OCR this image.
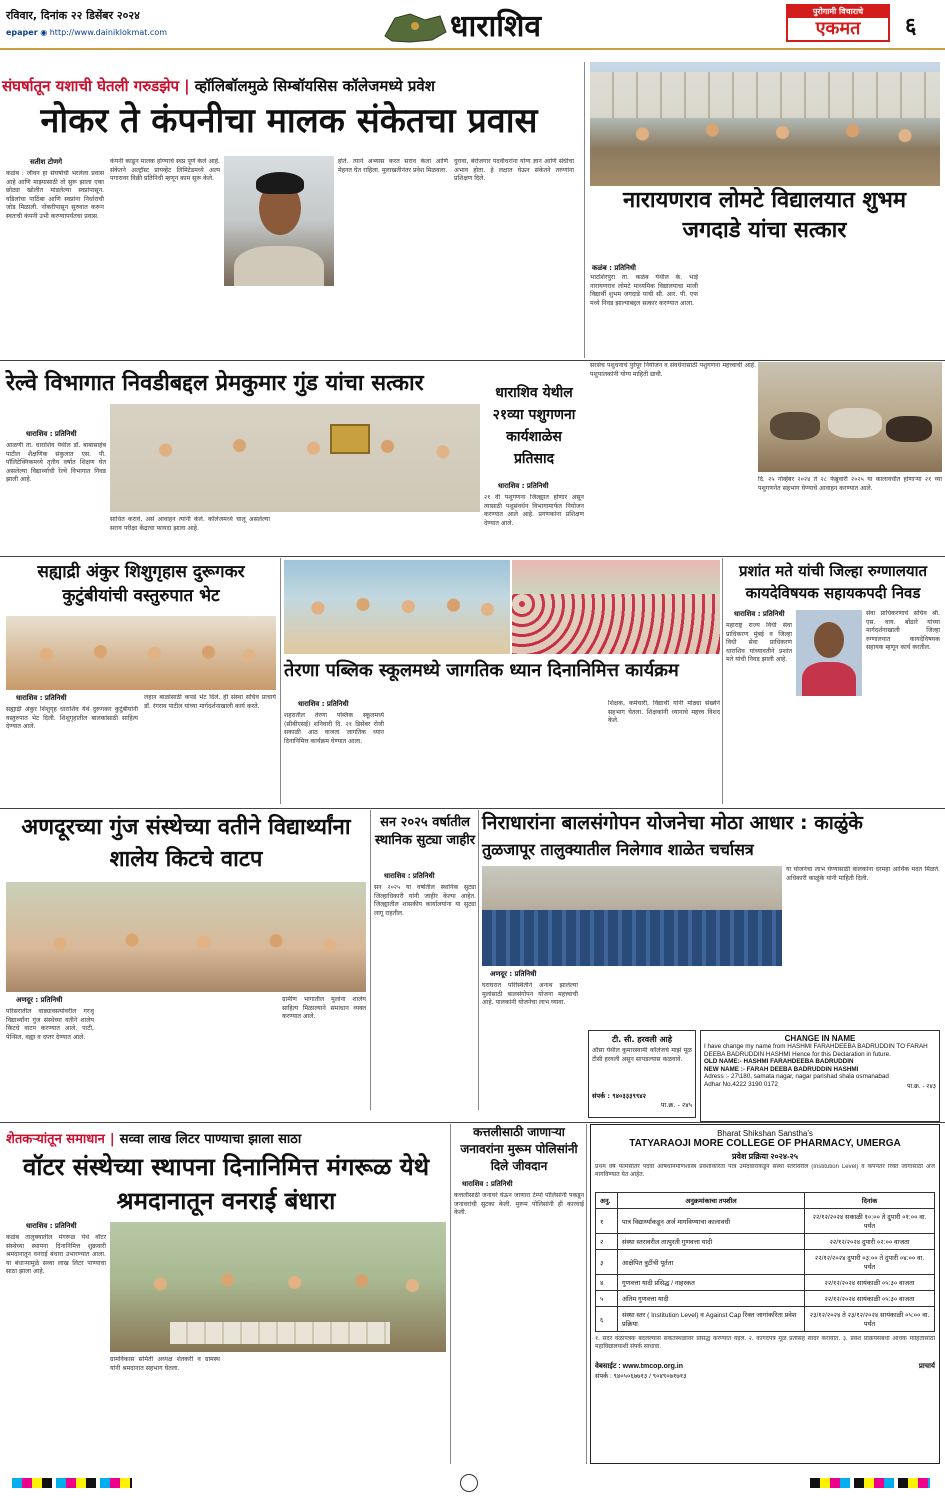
रविवार, दिनांक २२ डिसेंबर २०२४
epaper ◉ http://www.dainiklokmat.com	धाराशिव	पुरोगामी विचाराचे
एकमत	६
संघर्षातून यशाची घेतली गरुडझेप | व्हॉलिबॉलमुळे सिम्बॉयसिस कॉलेजमध्ये प्रवेश
नोकर ते कंपनीचा मालक संकेतचा प्रवास
सतीश टोणगे
कळंब : जीवन हा संघर्षाची भरलेला प्रवास आहे आणि माझ्यासाठी तो सुरू झाला एका छोट्या खोलीत मांडलेल्या स्वप्नांपासून. वडिलांचा पाठिंबा आणि स्वप्नांना निर्धाराची जोड मिळाली. नोकरीपासून सुरुवात करून स्वतःची कंपनी उभी करण्यापर्यंतचा प्रवास.
कंपनी काढून मालक होण्याचे स्वप्न पूर्ण केले आहे. संकेतने अल्ट्रॉस्ट प्रायव्हेट लिमिटेडमध्ये अल्प पगारावर विक्री प्रतिनिधी म्हणून काम सुरू केले.
होते. त्याने अभ्यास करत सराव केला आणि मेहनत घेत राहिला. मुलाखतीनंतर प्रवेश मिळवला.
दुरावा, बेरोजगार पदवीधरांना योग्य ज्ञान आणि संधीचा अभाव होता. हे लक्षात घेऊन संकेतने तरुणांना प्रशिक्षण दिले.
नारायणराव लोमटे विद्यालयात शुभम जगदाडे यांचा सत्कार
कळंब : प्रतिनिधी
भाटशिरपुरा ता. कळंब येथील के. भाई नारायणराव लोमटे माध्यमिक विद्यालयाचा माजी विद्यार्थी शुभम जगदाडे याची सी. आर. पी. एफ मध्ये निवड झाल्याबद्दल सत्कार करण्यात आला.
रेल्वे विभागात निवडीबद्दल प्रेमकुमार गुंड यांचा सत्कार
धाराशिव : प्रतिनिधी
आळणी ता. धाराशिव येथील डॉ. बाबासाहेब पाटील शैक्षणिक संकुलात एस. पी. पॉलिटेक्निकमध्ये तृतीय वर्षात शिक्षण घेत असलेल्या विद्यार्थ्याची रेल्वे विभागात निवड झाली आहे.
साधित करावे, असे आवाहन त्यांनी केले. कॉलेजमध्ये चालू असलेल्या सराव परीक्षा केंद्राचा फायदा झाला आहे.
धाराशिव येथील २१व्या पशुगणना कार्यशाळेस प्रतिसाद
धाराशिव : प्रतिनिधी
२१ वी पशुगणना जिल्ह्यात होणार असून त्यासाठी पशुसंवर्धन विभागामार्फत नियोजन करण्यात आले आहे. प्रगणकांना प्रशिक्षण देण्यात आले.
सरसेच पशुधनाचे पुरेपूर नियोजन व संवर्धनासाठी पशुगणना महत्त्वाची आहे. पशुपालकांनी योग्य माहिती द्यावी.
दि. २५ नोव्हेंबर २०२४ ते २८ फेब्रुवारी २०२५ या कालावधीत होणाऱ्या २१ व्या पशुगणनेत सहभाग घेण्याचे आवाहन करण्यात आले.
सह्याद्री अंकुर शिशुगृहास दुरूगकर कुटुंबीयांची वस्तुरुपात भेट
धाराशिव : प्रतिनिधी
सह्याद्री अंकुर शिशुगृह धाराशिव येथे दुरूगकर कुटुंबीयांनी वस्तुरुपात भेट दिली. शिशुगृहातील बालकांसाठी साहित्य देण्यात आले.
लहान बाळांसाठी कपडे भेट दिले. ही संस्था सचिव प्राचार्य डॉ. रंगराव पाटील यांच्या मार्गदर्शनाखाली कार्य करते.
तेरणा पब्लिक स्कूलमध्ये जागतिक ध्यान दिनानिमित्त कार्यक्रम
धाराशिव : प्रतिनिधी
शहरातील तेरणा पब्लिक स्कूलमध्ये (सीबीएसई) शनिवारी दि. २१ डिसेंबर रोजी सकाळी आठ वाजता जागतिक ध्यान दिनानिमित्त कार्यक्रम घेण्यात आला.
शिक्षक, कर्मचारी, विद्यार्थी यांनी मोठ्या संख्येने सहभाग घेतला. शिक्षकांनी ध्यानाचे महत्त्व विशद केले.
प्रशांत मते यांची जिल्हा रुग्णालयात कायदेविषयक सहायकपदी निवड
धाराशिव : प्रतिनिधी
महाराष्ट्र राज्य विधी सेवा प्राधिकरण मुंबई व जिल्हा विधी सेवा प्राधिकरण धाराशिव यांच्यावतीने प्रशांत मते यांची निवड झाली आहे.
सेवा प्राधिकरणाचे सचिव श्री. एस. वाय. बोंढारे यांच्या मार्गदर्शनाखाली जिल्हा रुग्णालयात कायदेविषयक सहायक म्हणून कार्य करतील.
अणदूरच्या गुंज संस्थेच्या वतीने विद्यार्थ्यांना शालेय किटचे वाटप
अणदूर : प्रतिनिधी
परिसरातील वाड्यावस्त्यांवरील गरजू विद्यार्थ्यांना गुंज संस्थेच्या वतीने शालेय किटचे वाटप करण्यात आले. पाटी, पेन्सिल, वह्या व दप्तर देण्यात आले.
ग्रामीण भागातील मुलांना शालेय साहित्य मिळाल्याने समाधान व्यक्त करण्यात आले.
सन २०२५ वर्षातील स्थानिक सुट्या जाहीर
धाराशिव : प्रतिनिधी
सन २०२५ या वर्षातील स्थानिक सुट्या जिल्हाधिकारी यांनी जाहीर केल्या आहेत. जिल्ह्यातील शासकीय कार्यालयांना या सुट्या लागू राहतील.
निराधारांना बालसंगोपन योजनेचा मोठा आधार : काळुंके
तुळजापूर तालुक्यातील निलेगाव शाळेत चर्चासत्र
या योजनेचा लाभ घेण्यासाठी बालकांना दरमहा आर्थिक मदत मिळते. अधिकारी काळुंके यांनी माहिती दिली.
अणदूर : प्रतिनिधी
घराघरात परिस्थितीने अनाथ झालेल्या मुलांसाठी बालसंगोपन योजना महत्त्वाची आहे. पालकांनी योजनेचा लाभ घ्यावा.
टी. सी. हरवली आहे
औसा येथील कुमारस्वामी कॉलेजचे माझे मूळ टीसी हरवली असून सापडल्यास कळवावे.
संपर्क : ९४०३३३९९४२
पा.क्र. - २४५
CHANGE IN NAME
I have change my name from HASHMI FARAHDEEBA BADRUDDIN TO FARAH DEEBA BADRUDDIN HASHMI Hence for this Declaration in future.
OLD NAME:- HASHMI FARAHDEEBA BADRUDDIN
NEW NAME :- FARAH DEEBA BADRUDDIN HASHMI
Adress :- 27\180, samata nagar, nagar parishad shala osmanabad
Adhar No.4222 3190 0172	पा.क्र. - २४३
शेतकऱ्यांतून समाधान | सव्वा लाख लिटर पाण्याचा झाला साठा
वॉटर संस्थेच्या स्थापना दिनानिमित्त मंगरूळ येथे श्रमदानातून वनराई बंधारा
धाराशिव : प्रतिनिधी
कळंब तालुक्यातील मंगरूळ येथे वॉटर संस्थेच्या स्थापना दिनानिमित्त शुक्रवारी श्रमदानातून वनराई बंधारा उभारण्यात आला. या बंधाऱ्यामुळे सव्वा लाख लिटर पाण्याचा साठा झाला आहे.
ग्रामविकास समिती अध्यक्ष शेतकरी व ग्रामस्थ यांनी श्रमदानात सहभाग घेतला.
कत्तलीसाठी जाणाऱ्या जनावरांना मुरूम पोलिसांनी दिले जीवदान
धाराशिव : प्रतिनिधी
कत्तलीसाठी जनावरे घेऊन जाणारा टेम्पो पोलिसांनी पकडून जनावरांची सुटका केली. मुरूम पोलिसांनी ही कारवाई केली.
Bharat Shikshan Sanstha's
TATYARAOJI MORE COLLEGE OF PHARMACY, UMERGA
प्रवेश प्रक्रिया २०२४-२५
प्रथम वर्ष फार्मसीतर पदवी औषधनिर्माणशास्त्र प्रवेशाकरिता पात्र उमेदवारांकडून संस्था स्तरावरील (Institution Level) व कॅपनंतर रिक्त जागांसाठी अर्ज मागविण्यात येत आहेत.
अनु.	अनुक्रमांकाचा तपशील	दिनांक
१	पात्र विद्यार्थ्यांकडून अर्ज मागविण्याचा कालावधी	२२/१२/२०२४ सकाळी १०:०० ते दुपारी ०१:०० वा. पर्यंत
२	संस्था स्तरावरील तात्पुरती गुणवत्ता यादी	२२/१२/२०२४ दुपारी ०२:०० वाजता
३	आक्षेपित त्रुटींची पूर्तता	२२/१२/२०२४ दुपारी ०३:०० ते दुपारी ०४:०० वा. पर्यंत
४	गुणवत्ता यादी प्रसिद्ध / नाहरकत	२२/१२/२०२४ सायंकाळी ०५:३० वाजता
५	अंतिम गुणवत्ता यादी	२२/१२/२०२४ सायंकाळी ०५:३० वाजता
६	संस्था स्तर ( Institution Level) व Against Cap रिक्त जागांकरिता प्रवेश प्रक्रिया	२३/१२/२०२४ ते २३/१२/२०२४ सायंकाळी ०५:०० वा. पर्यंत
१. सदर वेळापत्रक बदलल्यास संकेतस्थळावर प्रसिद्ध करण्यात येईल. २. कागदपत्रे मूळ प्रतीसह सादर करावीत. ३. प्रवेश प्रक्रियेसंबंधी अधिक माहितीसाठी महाविद्यालयाशी संपर्क साधावा.
वेबसाईट : www.tmcop.org.in	प्राचार्य
संपर्क : ९४०५०६७७१३ / ९०४९०७१७१३
